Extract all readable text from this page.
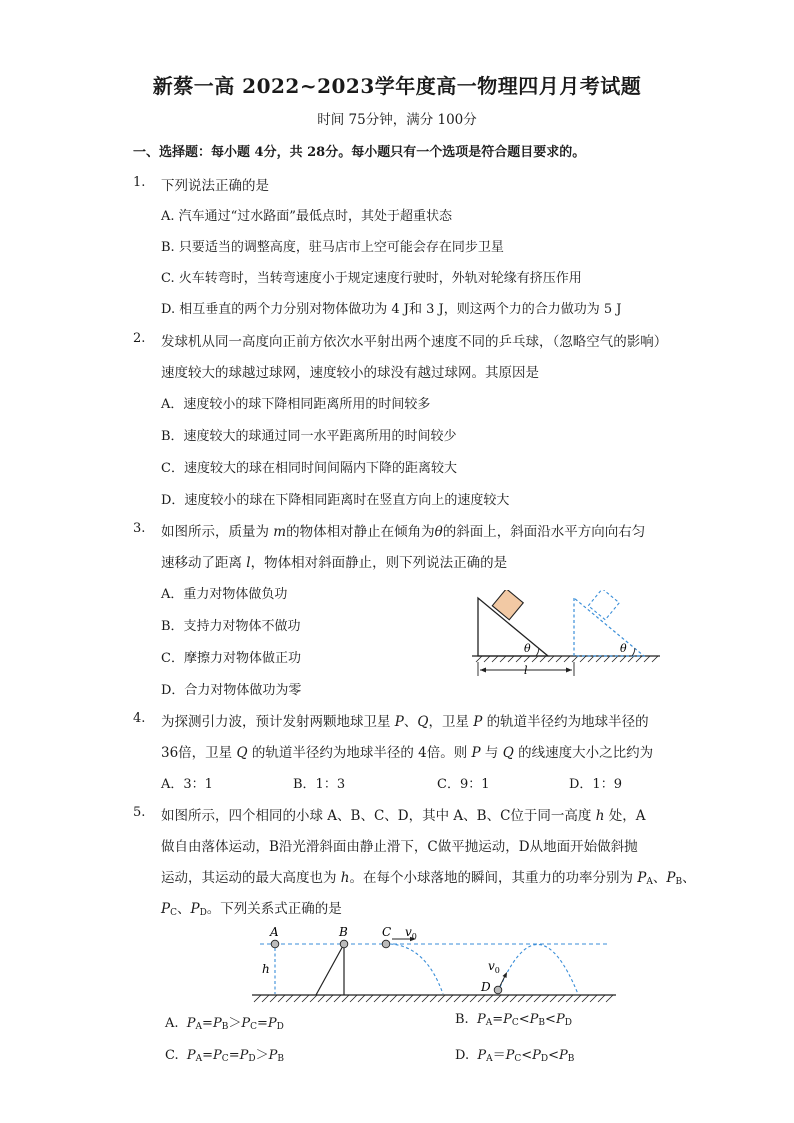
新蔡一高 2022~2023学年度高一物理四月月考试题
时间 75分钟，满分 100分
一、选择题：每小题 4分，共 28分。每小题只有一个选项是符合题目要求的。
1. 下列说法正确的是
A. 汽车通过“过水路面”最低点时，其处于超重状态
B. 只要适当的调整高度，驻马店市上空可能会存在同步卫星
C. 火车转弯时，当转弯速度小于规定速度行驶时，外轨对轮缘有挤压作用
D. 相互垂直的两个力分别对物体做功为 4 J和 3 J，则这两个力的合力做功为 5 J
2. 发球机从同一高度向正前方依次水平射出两个速度不同的乒乓球，（忽略空气的影响）
速度较大的球越过球网，速度较小的球没有越过球网。其原因是
A．速度较小的球下降相同距离所用的时间较多
B．速度较大的球通过同一水平距离所用的时间较少
C．速度较大的球在相同时间间隔内下降的距离较大
D．速度较小的球在下降相同距离时在竖直方向上的速度较大
3. 如图所示，质量为 m的物体相对静止在倾角为θ的斜面上，斜面沿水平方向向右匀
速移动了距离 l，物体相对斜面静止，则下列说法正确的是
A．重力对物体做负功
B．支持力对物体不做功
C．摩擦力对物体做正功
D．合力对物体做功为零
θ	θ
l
4. 为探测引力波，预计发射两颗地球卫星 P、Q，卫星 P 的轨道半径约为地球半径的
36倍，卫星 Q 的轨道半径约为地球半径的 4倍。则 P 与 Q 的线速度大小之比约为
A．3：1	B．1：3	C．9：1	D．1：9
5. 如图所示，四个相同的小球 A、B、C、D，其中 A、B、C位于同一高度 h 处，A
做自由落体运动，B沿光滑斜面由静止滑下，C做平抛运动，D从地面开始做斜抛
运动，其运动的最大高度也为 h。在每个小球落地的瞬间，其重力的功率分别为 $P_A$、$P_B$、
$P_C$、$P_D$。下列关系式正确的是
A
h
B	C $v_0$
D
$v_0$
A. $P_A=P_B>P_C=P_D$	B. $P_A=P_C<P_B<P_D$
C. $P_A=P_C=P_D>P_B$	D. $P_A=P_C<P_D<P_B$
